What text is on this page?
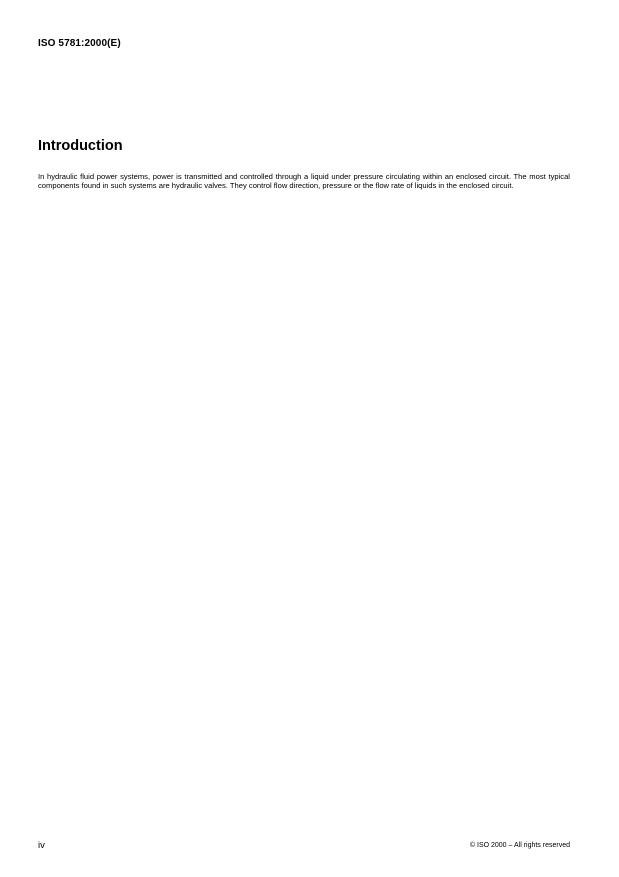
ISO 5781:2000(E)
Introduction

In hydraulic fluid power systems, power is transmitted and controlled through a liquid under pressure circulating within an enclosed circuit. The most typical components found in such systems are hydraulic valves. They control flow direction, pressure or the flow rate of liquids in the enclosed circuit.

iv	© ISO 2000 – All rights reserved
